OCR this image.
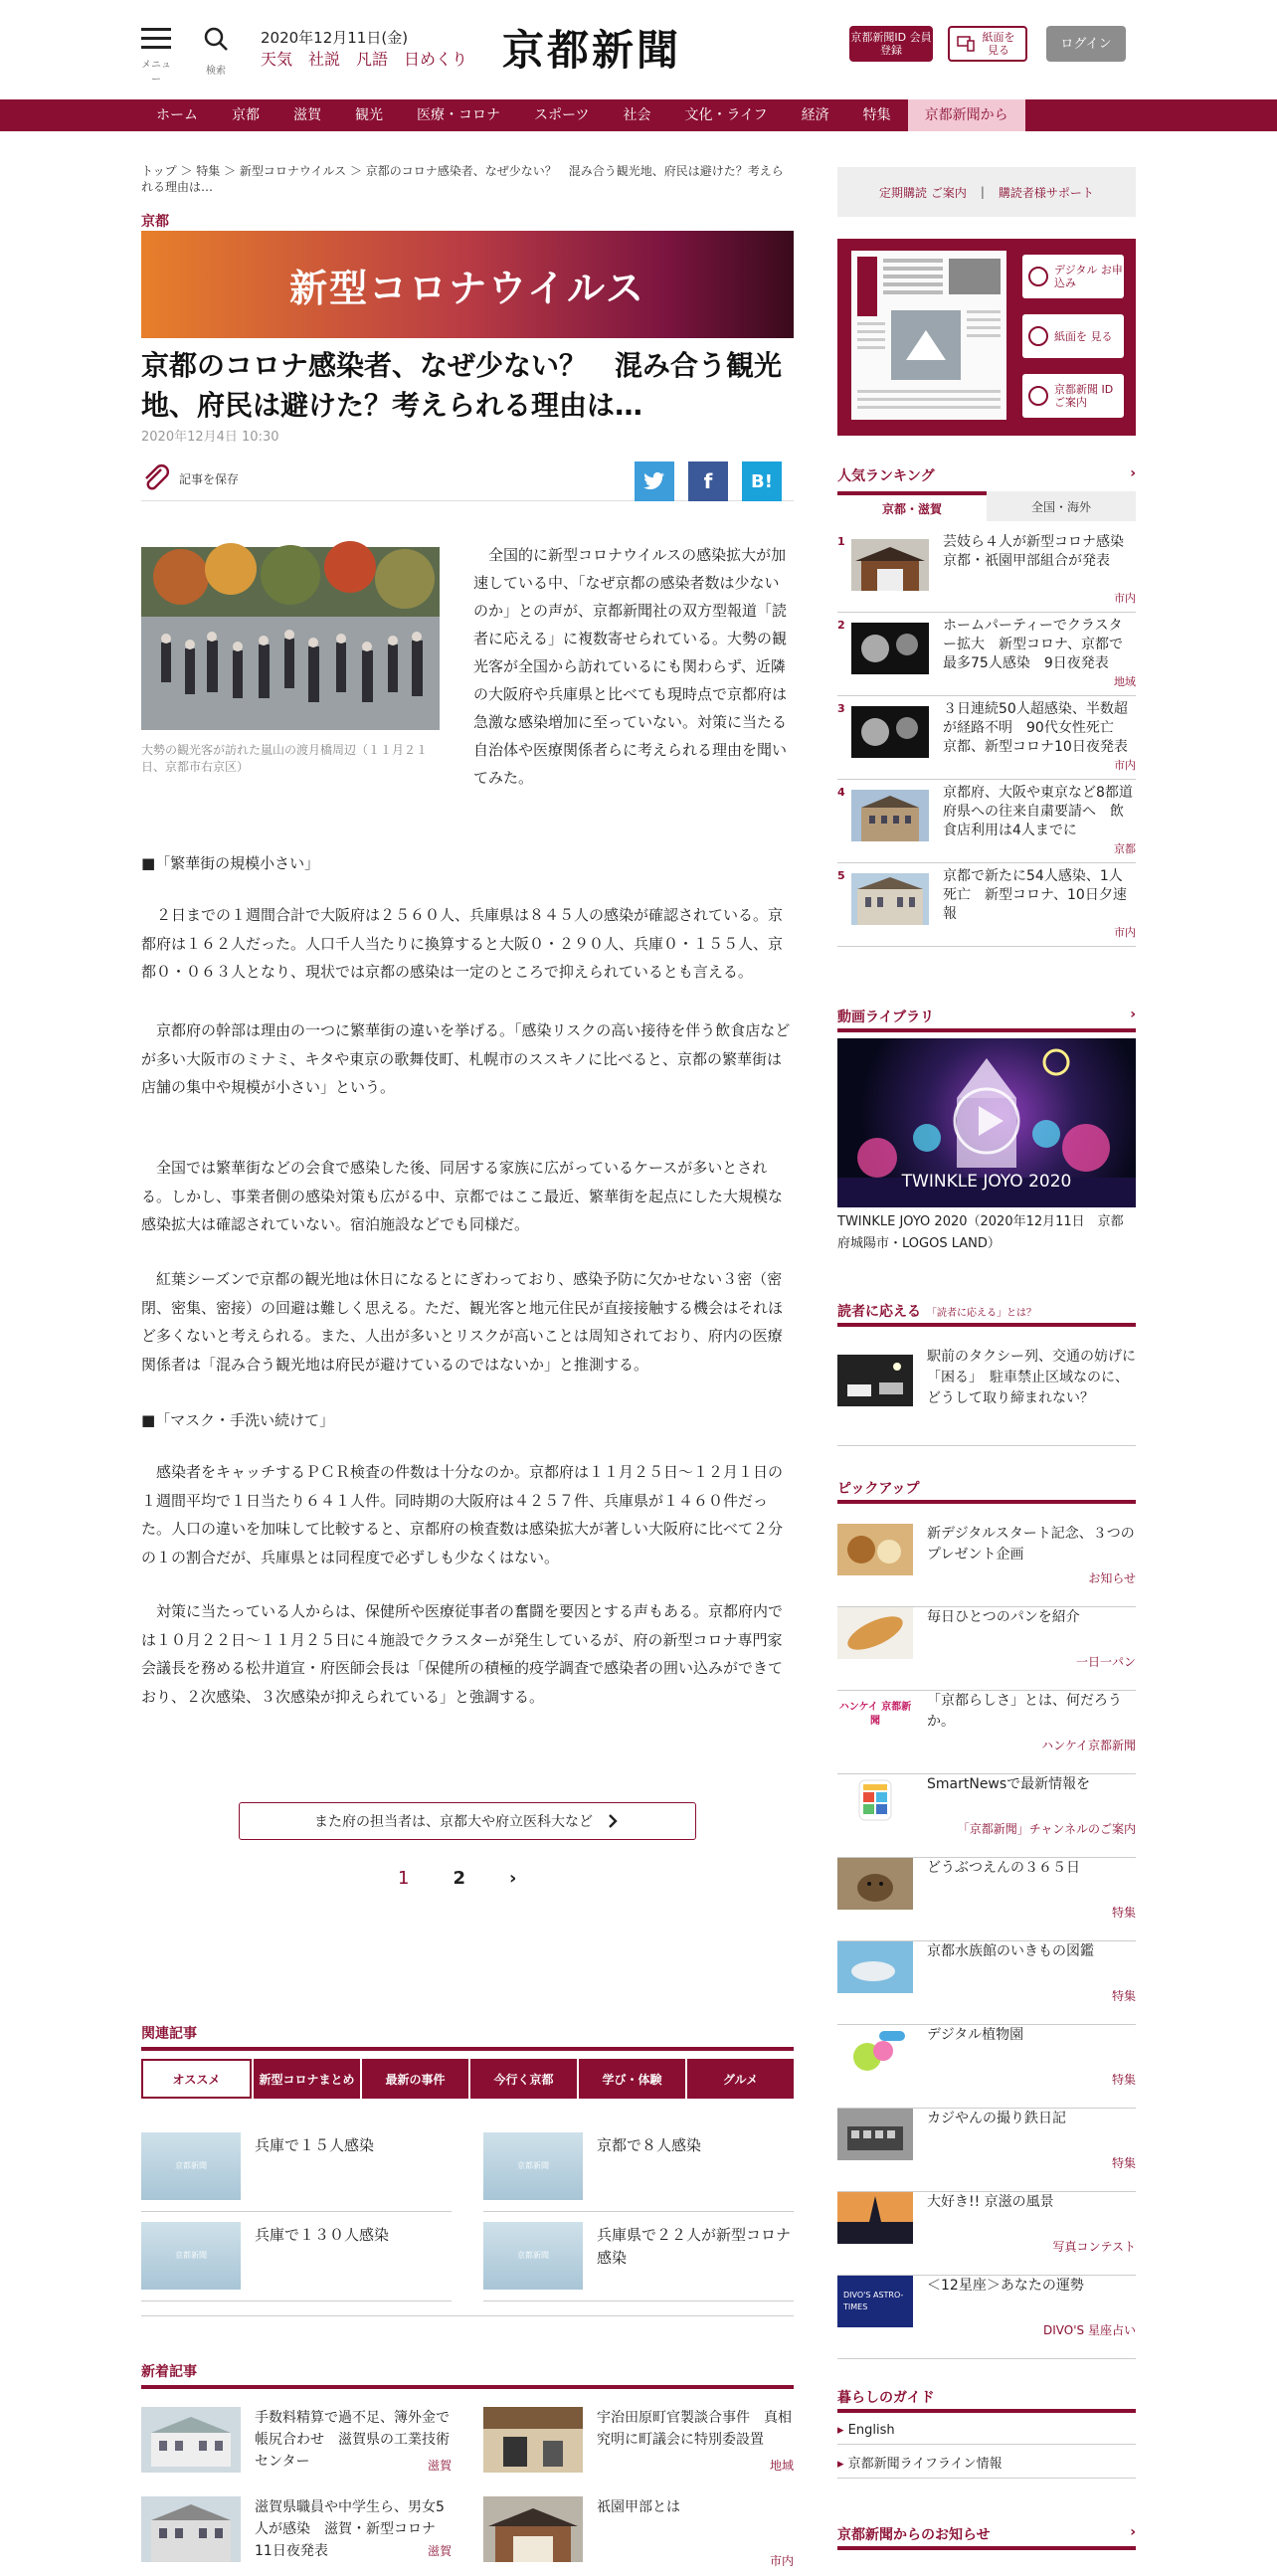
メニュー
検索
2020年12月11日(金)
天気 社説 凡語 日めくり 京都新聞	京都新聞ID 会員登録
紙面を見る	ログイン
ホーム	京都	滋賀	観光	医療・コロナ	スポーツ	社会	文化・ライフ	経済	特集	京都新聞から
トップ ＞ 特集 ＞ 新型コロナウイルス ＞ 京都のコロナ感染者、なぜ少ない？　混み合う観光地、府民は避けた？考えられる理由は…
京都
新型コロナウイルス
京都のコロナ感染者、なぜ少ない？　混み合う観光地、府民は避けた？考えられる理由は…
2020年12月4日 10:30
記事を保存	f B!
大勢の観光客が訪れた嵐山の渡月橋周辺（１１月２１日、京都市右京区）

全国的に新型コロナウイルスの感染拡大が加速している中、「なぜ京都の感染者数は少ないのか」との声が、京都新聞社の双方型報道「読者に応える」に複数寄せられている。大勢の観光客が全国から訪れているにも関わらず、近隣の大阪府や兵庫県と比べても現時点で京都府は急激な感染増加に至っていない。対策に当たる自治体や医療関係者らに考えられる理由を聞いてみた。

■「繁華街の規模小さい」

２日までの１週間合計で大阪府は２５６０人、兵庫県は８４５人の感染が確認されている。京都府は１６２人だった。人口千人当たりに換算すると大阪０・２９０人、兵庫０・１５５人、京都０・０６３人となり、現状では京都の感染は一定のところで抑えられているとも言える。

京都府の幹部は理由の一つに繁華街の違いを挙げる。「感染リスクの高い接待を伴う飲食店などが多い大阪市のミナミ、キタや東京の歌舞伎町、札幌市のススキノに比べると、京都の繁華街は店舗の集中や規模が小さい」という。

全国では繁華街などの会食で感染した後、同居する家族に広がっているケースが多いとされる。しかし、事業者側の感染対策も広がる中、京都ではここ最近、繁華街を起点にした大規模な感染拡大は確認されていない。宿泊施設などでも同様だ。

紅葉シーズンで京都の観光地は休日になるとにぎわっており、感染予防に欠かせない３密（密閉、密集、密接）の回避は難しく思える。ただ、観光客と地元住民が直接接触する機会はそれほど多くないと考えられる。また、人出が多いとリスクが高いことは周知されており、府内の医療関係者は「混み合う観光地は府民が避けているのではないか」と推測する。

■「マスク・手洗い続けて」

感染者をキャッチするＰＣＲ検査の件数は十分なのか。京都府は１１月２５日～１２月１日の１週間平均で１日当たり６４１人件。同時期の大阪府は４２５７件、兵庫県が１４６０件だった。人口の違いを加味して比較すると、京都府の検査数は感染拡大が著しい大阪府に比べて２分の１の割合だが、兵庫県とは同程度で必ずしも少なくはない。

対策に当たっている人からは、保健所や医療従事者の奮闘を要因とする声もある。京都府内では１０月２２日～１１月２５日に４施設でクラスターが発生しているが、府の新型コロナ専門家会議長を務める松井道宣・府医師会長は「保健所の積極的疫学調査で感染者の囲い込みができており、２次感染、３次感染が抑えられている」と強調する。

また府の担当者は、京都大や府立医科大など
1 2 ›
関連記事
オススメ	新型コロナまとめ	最新の事件	今行く京都	学び・体験	グルメ
京都新聞
兵庫で１５人感染
京都新聞
京都で８人感染
京都新聞
兵庫で１３０人感染
京都新聞
兵庫県で２２人が新型コロナ感染
新着記事
手数料精算で過不足、簿外金で帳尻合わせ　滋賀県の工業技術センター	滋賀
宇治田原町官製談合事件　真相究明に町議会に特別委設置
地域
滋賀県職員や中学生ら、男女5人が感染　滋賀・新型コロナ　11日夜発表	滋賀
祇園甲部とは
市内
定期購読 ご案内 | 購読者様サポート
デジタル お申込み
紙面を 見る
京都新聞 IDご案内
人気ランキング	›
京都・滋賀	全国・海外
1	芸妓ら４人が新型コロナ感染　京都・祇園甲部組合が発表
市内
2	ホームパーティーでクラスター拡大　新型コロナ、京都で最多75人感染　9日夜発表
地域
3	３日連続50人超感染、半数超が経路不明　90代女性死亡　京都、新型コロナ10日夜発表
市内
4	京都府、大阪や東京など8都道府県への往来自粛要請へ　飲食店利用は4人までに
京都
5	京都で新たに54人感染、1人死亡　新型コロナ、10日夕速報
市内
動画ライブラリ	›
TWINKLE JOYO 2020
TWINKLE JOYO 2020（2020年12月11日　京都府城陽市・LOGOS LAND）
読者に応える 「読者に応える」とは？
駅前のタクシー列、交通の妨げに「困る」　駐車禁止区域なのに、どうして取り締まれない？
ピックアップ
新デジタルスタート記念、３つのプレゼント企画
お知らせ
毎日ひとつのパンを紹介
一日一パン
ハンケイ 京都新聞
「京都らしさ」とは、何だろうか。
ハンケイ京都新聞
SmartNewsで最新情報を
「京都新聞」チャンネルのご案内
どうぶつえんの３６５日
特集
京都水族館のいきもの図鑑
特集
デジタル植物園
特集
カジやんの撮り鉄日記
特集
大好き!! 京滋の風景
写真コンテスト
DIVO'S ASTRO-TIMES
＜12星座＞あなたの運勢
DIVO'S 星座占い
暮らしのガイド
▸ English
▸ 京都新聞ライフライン情報
京都新聞からのお知らせ	›
